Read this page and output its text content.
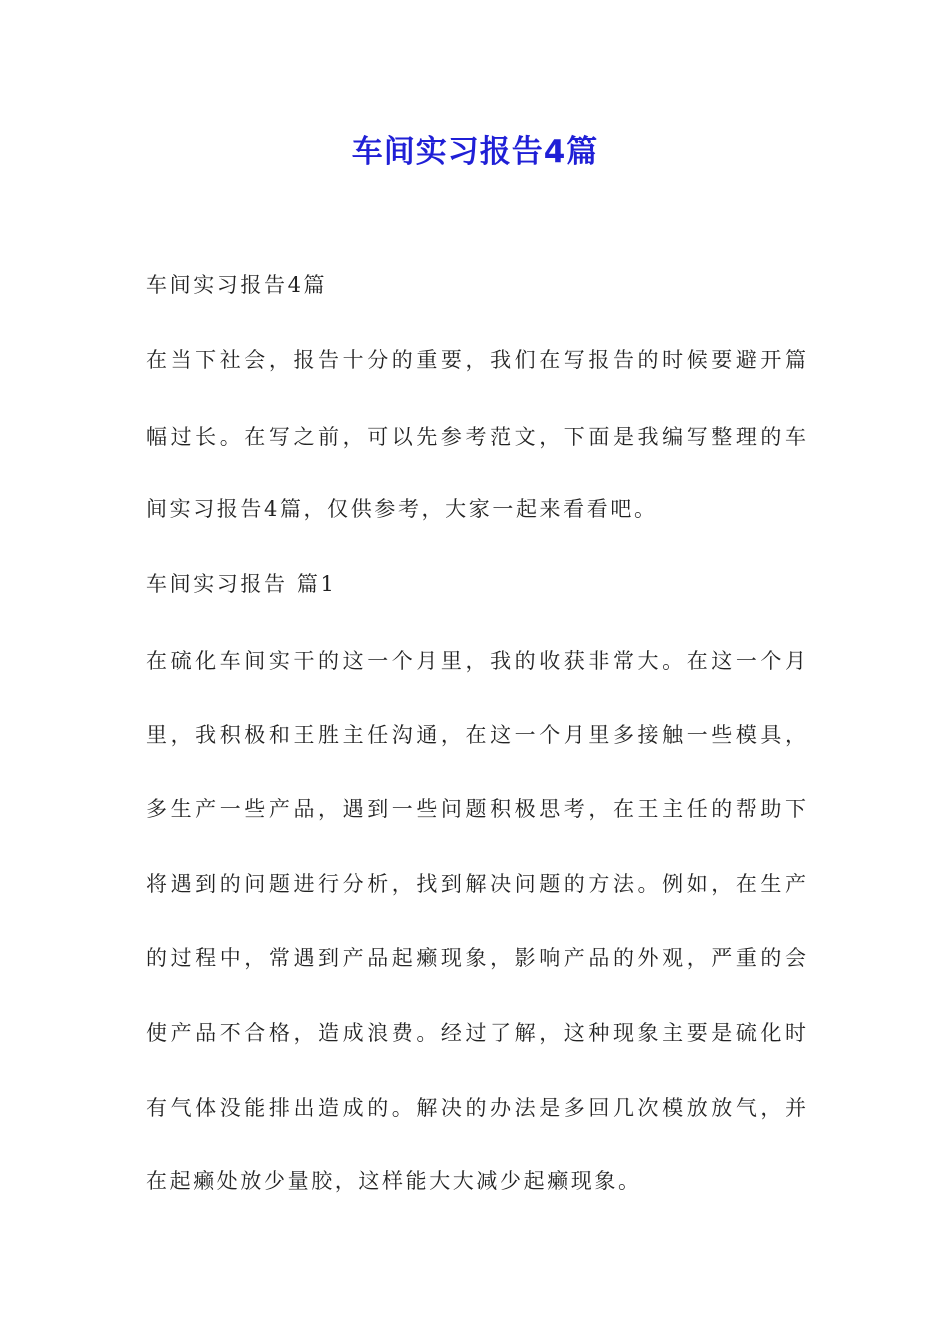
车间实习报告4篇
车间实习报告4篇
在当下社会，报告十分的重要，我们在写报告的时候要避开篇
幅过长。在写之前，可以先参考范文，下面是我编写整理的车
间实习报告4篇，仅供参考，大家一起来看看吧。
车间实习报告 篇1
在硫化车间实干的这一个月里，我的收获非常大。在这一个月
里，我积极和王胜主任沟通，在这一个月里多接触一些模具，
多生产一些产品，遇到一些问题积极思考，在王主任的帮助下
将遇到的问题进行分析，找到解决问题的方法。例如，在生产
的过程中，常遇到产品起癞现象，影响产品的外观，严重的会
使产品不合格，造成浪费。经过了解，这种现象主要是硫化时
有气体没能排出造成的。解决的办法是多回几次模放放气，并
在起癞处放少量胶，这样能大大减少起癞现象。
